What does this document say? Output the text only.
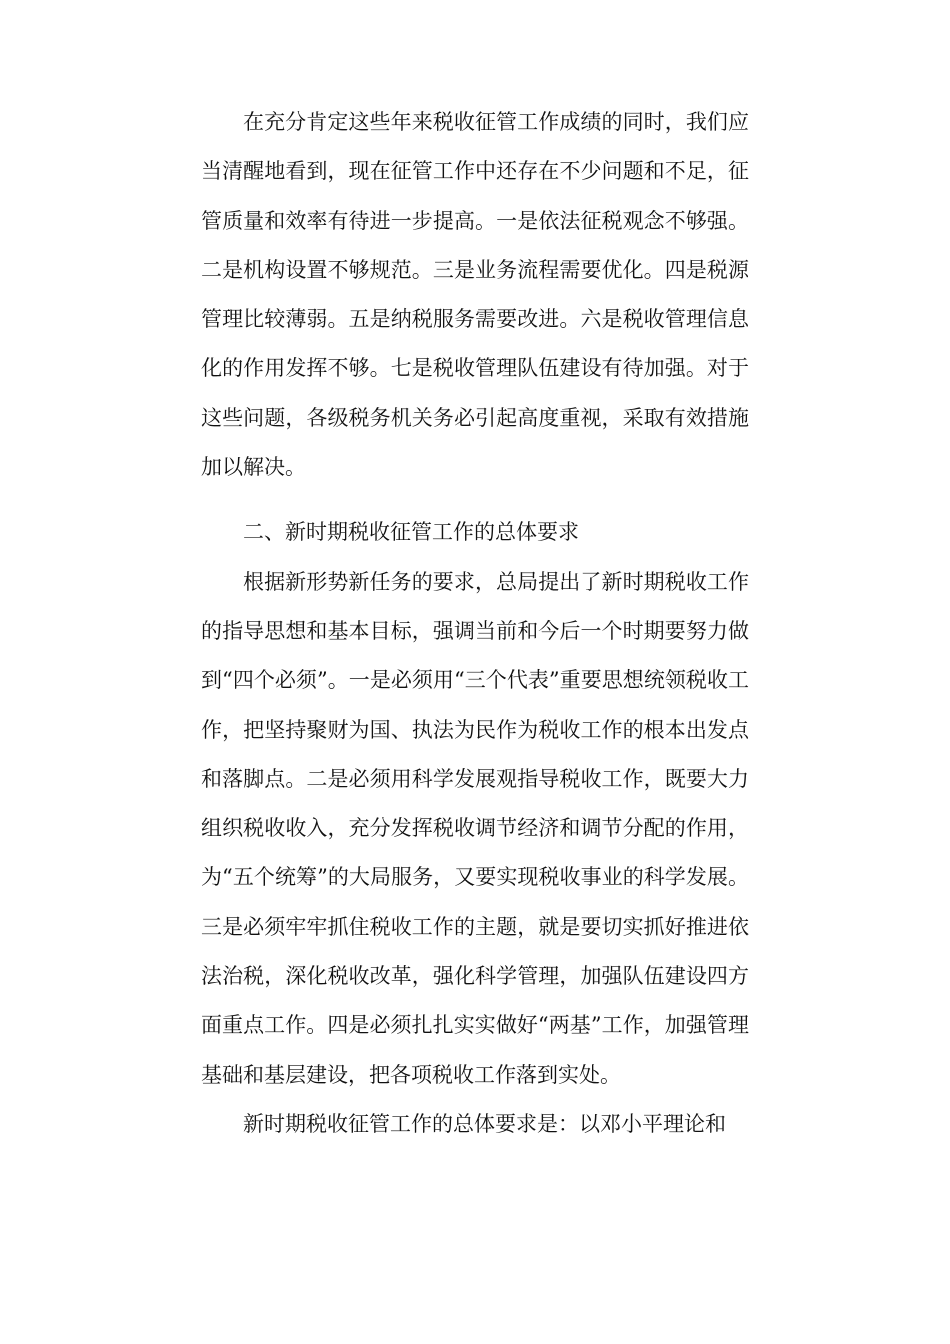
在充分肯定这些年来税收征管工作成绩的同时，我们应当清醒地看到，现在征管工作中还存在不少问题和不足，征管质量和效率有待进一步提高。一是依法征税观念不够强。二是机构设置不够规范。三是业务流程需要优化。四是税源管理比较薄弱。五是纳税服务需要改进。六是税收管理信息化的作用发挥不够。七是税收管理队伍建设有待加强。对于这些问题，各级税务机关务必引起高度重视，采取有效措施加以解决。

二、新时期税收征管工作的总体要求

根据新形势新任务的要求，总局提出了新时期税收工作的指导思想和基本目标，强调当前和今后一个时期要努力做到“四个必须”。一是必须用“三个代表”重要思想统领税收工作，把坚持聚财为国、执法为民作为税收工作的根本出发点和落脚点。二是必须用科学发展观指导税收工作，既要大力组织税收收入，充分发挥税收调节经济和调节分配的作用，为“五个统筹”的大局服务，又要实现税收事业的科学发展。三是必须牢牢抓住税收工作的主题，就是要切实抓好推进依法治税，深化税收改革，强化科学管理，加强队伍建设四方面重点工作。四是必须扎扎实实做好“两基”工作，加强管理基础和基层建设，把各项税收工作落到实处。

新时期税收征管工作的总体要求是：以邓小平理论和
